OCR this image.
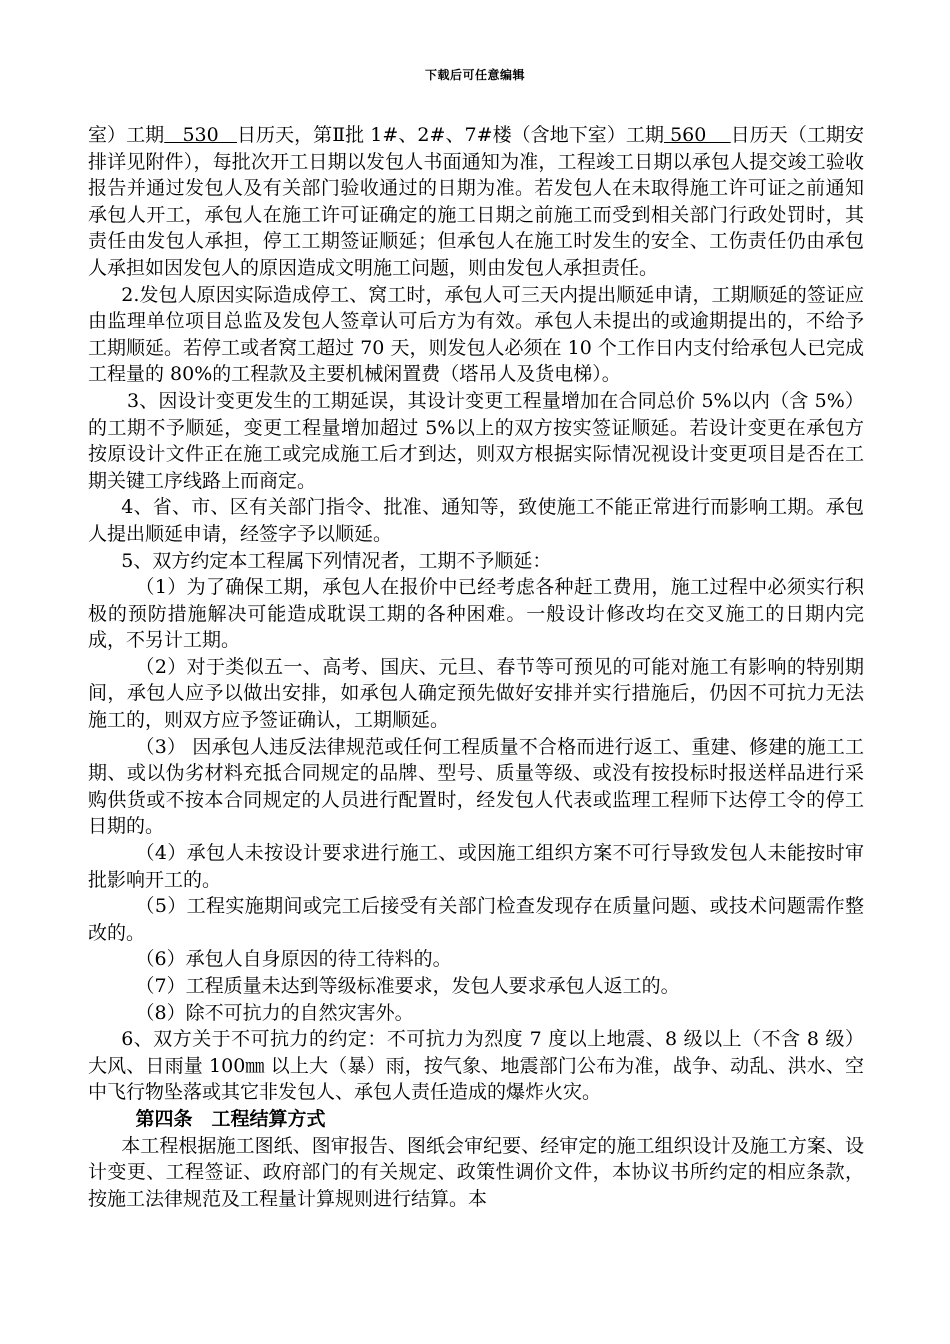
下载后可任意编辑

室）工期   530   日历天，第Ⅱ批 1#、2#、7#楼（含地下室）工期 560    日历天（工期安排详见附件），每批次开工日期以发包人书面通知为准，工程竣工日期以承包人提交竣工验收报告并通过发包人及有关部门验收通过的日期为准。若发包人在未取得施工许可证之前通知承包人开工，承包人在施工许可证确定的施工日期之前施工而受到相关部门行政处罚时，其责任由发包人承担，停工工期签证顺延；但承包人在施工时发生的安全、工伤责任仍由承包人承担如因发包人的原因造成文明施工问题，则由发包人承担责任。

2.发包人原因实际造成停工、窝工时，承包人可三天内提出顺延申请，工期顺延的签证应由监理单位项目总监及发包人签章认可后方为有效。承包人未提出的或逾期提出的，不给予工期顺延。若停工或者窝工超过 70 天，则发包人必须在 10 个工作日内支付给承包人已完成工程量的 80%的工程款及主要机械闲置费（塔吊人及货电梯）。

3、因设计变更发生的工期延误，其设计变更工程量增加在合同总价 5%以内（含 5%）的工期不予顺延，变更工程量增加超过 5%以上的双方按实签证顺延。若设计变更在承包方按原设计文件正在施工或完成施工后才到达，则双方根据实际情况视设计变更项目是否在工期关键工序线路上而商定。

4、省、市、区有关部门指令、批准、通知等，致使施工不能正常进行而影响工期。承包人提出顺延申请，经签字予以顺延。

5、双方约定本工程属下列情况者，工期不予顺延：

（1）为了确保工期，承包人在报价中已经考虑各种赶工费用，施工过程中必须实行积极的预防措施解决可能造成耽误工期的各种困难。一般设计修改均在交叉施工的日期内完成，不另计工期。

（2）对于类似五一、高考、国庆、元旦、春节等可预见的可能对施工有影响的特别期间，承包人应予以做出安排，如承包人确定预先做好安排并实行措施后，仍因不可抗力无法施工的，则双方应予签证确认，工期顺延。

（3） 因承包人违反法律规范或任何工程质量不合格而进行返工、重建、修建的施工工期、或以伪劣材料充抵合同规定的品牌、型号、质量等级、或没有按投标时报送样品进行采购供货或不按本合同规定的人员进行配置时，经发包人代表或监理工程师下达停工令的停工日期的。

（4）承包人未按设计要求进行施工、或因施工组织方案不可行导致发包人未能按时审批影响开工的。

（5）工程实施期间或完工后接受有关部门检查发现存在质量问题、或技术问题需作整改的。

（6）承包人自身原因的待工待料的。

（7）工程质量未达到等级标准要求，发包人要求承包人返工的。

（8）除不可抗力的自然灾害外。

6、双方关于不可抗力的约定：不可抗力为烈度 7 度以上地震、8 级以上（不含 8 级）大风、日雨量 100㎜ 以上大（暴）雨，按气象、地震部门公布为准，战争、动乱、洪水、空中飞行物坠落或其它非发包人、承包人责任造成的爆炸火灾。

第四条　工程结算方式

本工程根据施工图纸、图审报告、图纸会审纪要、经审定的施工组织设计及施工方案、设计变更、工程签证、政府部门的有关规定、政策性调价文件，本协议书所约定的相应条款，按施工法律规范及工程量计算规则进行结算。本
